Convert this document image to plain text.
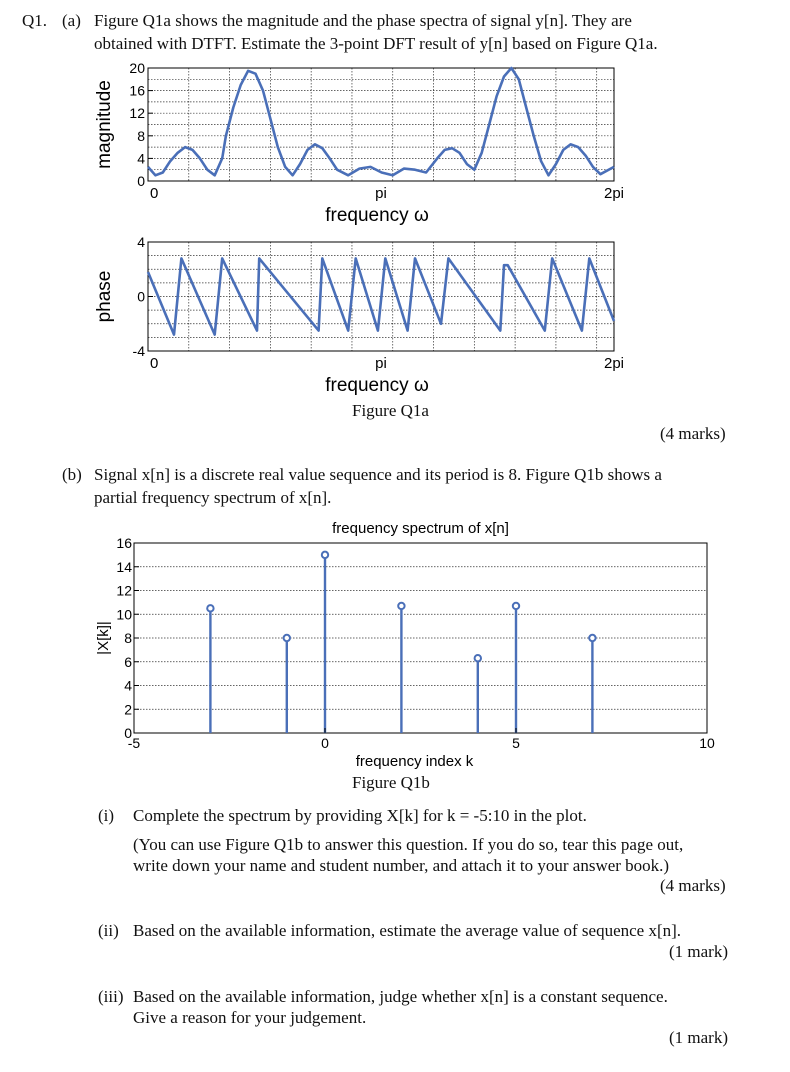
Q1. (a) Figure Q1a shows the magnitude and the phase spectra of signal y[n]. They are
obtained with DTFT. Estimate the 3-point DFT result of y[n] based on Figure Q1a.
0
4
8
12
16
20
0	pi	2pi
frequency ω
magnitude
-4
0
4
0	pi	2pi
frequency ω
phase
0
2
4
6
8
10
12
14
16
-5	0	5	10
frequency spectrum of x[n]
frequency index k
|X[k]|
Figure Q1a
(4 marks)
(b) Signal x[n] is a discrete real value sequence and its period is 8. Figure Q1b shows a
partial frequency spectrum of x[n].
Figure Q1b
(i) Complete the spectrum by providing X[k] for k = -5:10 in the plot.
(You can use Figure Q1b to answer this question. If you do so, tear this page out,
write down your name and student number, and attach it to your answer book.)
(4 marks)
(ii) Based on the available information, estimate the average value of sequence x[n].
(1 mark)
(iii) Based on the available information, judge whether x[n] is a constant sequence.
Give a reason for your judgement.
(1 mark)
